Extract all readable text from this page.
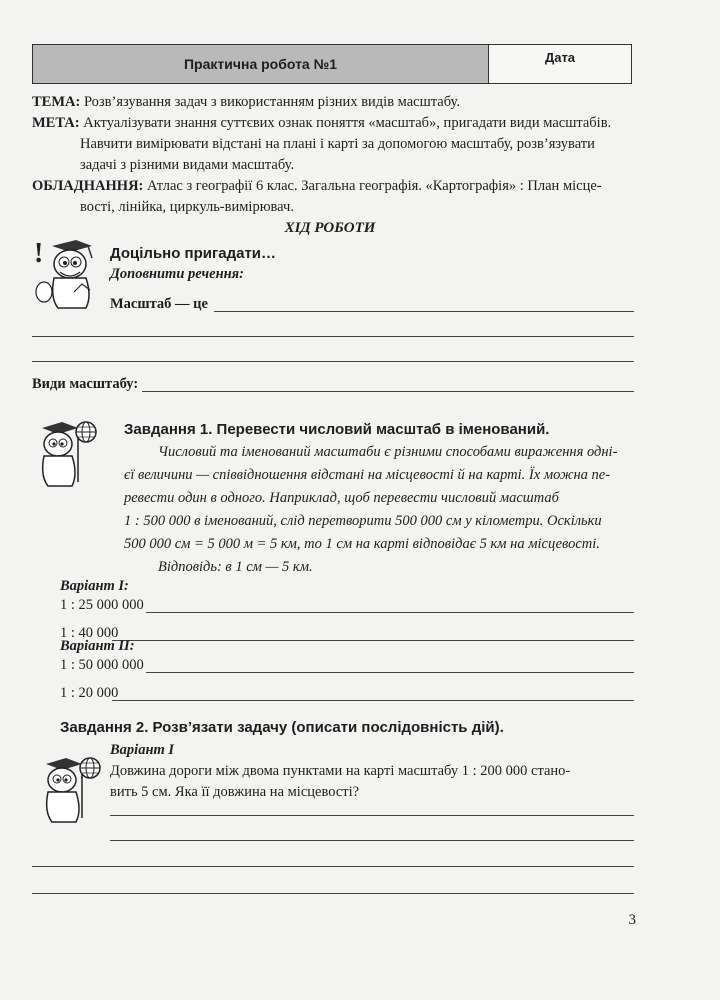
Практична робота №1	Дата
ТЕМА: Розв’язування задач з використанням різних видів масштабу.
МЕТА: Актуалізувати знання суттєвих ознак поняття «масштаб», пригадати види масштабів.
Навчити вимірювати відстані на плані і карті за допомогою масштабу, розв’язувати
задачі з різними видами масштабу.
ОБЛАДНАННЯ: Атлас з географії 6 клас. Загальна географія. «Картографія» : План місце-
вості, лінійка, циркуль-вимірювач.
ХІД РОБОТИ
!	Доцільно пригадати…
Доповнити речення:
Масштаб — це
Види масштабу:
Завдання 1. Перевести числовий масштаб в іменований.
Числовий та іменований масштаби є різними способами вираження одні-
єї величини — співвідношення відстані на місцевості й на карті. Їх можна пе-
ревести один в одного. Наприклад, щоб перевести числовий масштаб
1 : 500 000 в іменований, слід перетворити 500 000 см у кілометри. Оскільки
500 000 см = 5 000 м = 5 км, то 1 см на карті відповідає 5 км на місцевості.
Відповідь: в 1 см — 5 км.
Варіант І:
1 : 25 000 000
1 : 40 000
Варіант ІІ:
1 : 50 000 000
1 : 20 000
Завдання 2. Розв’язати задачу (описати послідовність дій).
Варіант І
Довжина дороги між двома пунктами на карті масштабу 1 : 200 000 стано-
вить 5 см. Яка її довжина на місцевості?
3
